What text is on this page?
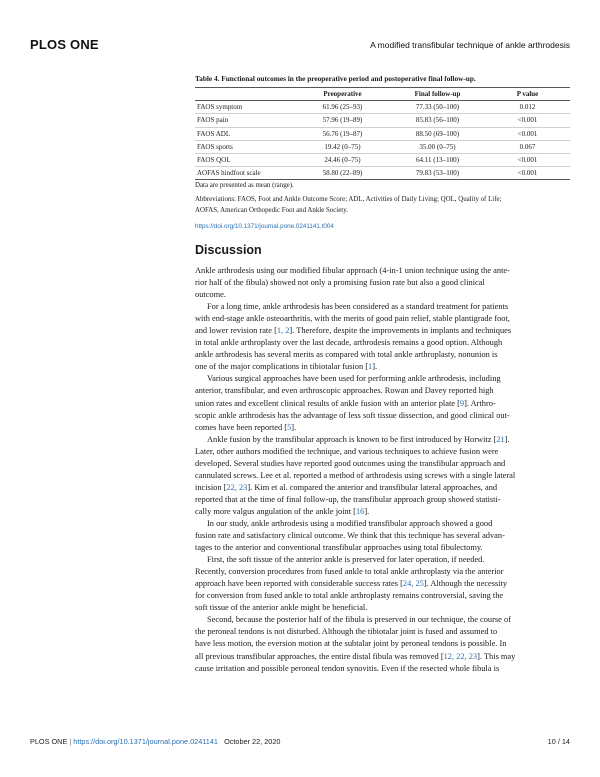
PLOS ONE	A modified transfibular technique of ankle arthrodesis
Table 4. Functional outcomes in the preoperative period and postoperative final follow-up.
	Preoperative	Final follow-up	P value
FAOS symptom	61.96 (25–93)	77.33 (50–100)	0.012
FAOS pain	57.96 (19–89)	85.83 (56–100)	<0.001
FAOS ADL	56.76 (19–87)	88.50 (69–100)	<0.001
FAOS sports	19.42 (0–75)	35.00 (0–75)	0.067
FAOS QOL	24.46 (0–75)	64.11 (13–100)	<0.001
AOFAS hindfoot scale	58.80 (22–89)	79.83 (53–100)	<0.001
Data are presented as mean (range).
Abbreviations: FAOS, Foot and Ankle Outcome Score; ADL, Activities of Daily Living; QOL, Quality of Life;
AOFAS, American Orthopedic Foot and Ankle Society.
https://doi.org/10.1371/journal.pone.0241141.t004
Discussion
Ankle arthrodesis using our modified fibular approach (4-in-1 union technique using the ante-
rior half of the fibula) showed not only a promising fusion rate but also a good clinical
outcome.
For a long time, ankle arthrodesis has been considered as a standard treatment for patients
with end-stage ankle osteoarthritis, with the merits of good pain relief, stable plantigrade foot,
and lower revision rate [1, 2]. Therefore, despite the improvements in implants and techniques
in total ankle arthroplasty over the last decade, arthrodesis remains a good option. Although
ankle arthrodesis has several merits as compared with total ankle arthroplasty, nonunion is
one of the major complications in tibiotalar fusion [1].
Various surgical approaches have been used for performing ankle arthrodesis, including
anterior, transfibular, and even arthroscopic approaches. Rowan and Davey reported high
union rates and excellent clinical results of ankle fusion with an anterior plate [9]. Arthro-
scopic ankle arthrodesis has the advantage of less soft tissue dissection, and good clinical out-
comes have been reported [5].
Ankle fusion by the transfibular approach is known to be first introduced by Horwitz [21].
Later, other authors modified the technique, and various techniques to achieve fusion were
developed. Several studies have reported good outcomes using the transfibular approach and
cannulated screws. Lee et al. reported a method of arthrodesis using screws with a single lateral
incision [22, 23]. Kim et al. compared the anterior and transfibular lateral approaches, and
reported that at the time of final follow-up, the transfibular approach group showed statisti-
cally more valgus angulation of the ankle joint [16].
In our study, ankle arthrodesis using a modified transfibular approach showed a good
fusion rate and satisfactory clinical outcome. We think that this technique has several advan-
tages to the anterior and conventional transfibular approaches using total fibulectomy.
First, the soft tissue of the anterior ankle is preserved for later operation, if needed.
Recently, conversion procedures from fused ankle to total ankle arthroplasty via the anterior
approach have been reported with considerable success rates [24, 25]. Although the necessity
for conversion from fused ankle to total ankle arthroplasty remains controversial, saving the
soft tissue of the anterior ankle might be beneficial.
Second, because the posterior half of the fibula is preserved in our technique, the course of
the peroneal tendons is not disturbed. Although the tibiotalar joint is fused and assumed to
have less motion, the eversion motion at the subtalar joint by peroneal tendons is possible. In
all previous transfibular approaches, the entire distal fibula was removed [12, 22, 23]. This may
cause irritation and possible peroneal tendon synovitis. Even if the resected whole fibula is
PLOS ONE | https://doi.org/10.1371/journal.pone.0241141 October 22, 2020	10 / 14
